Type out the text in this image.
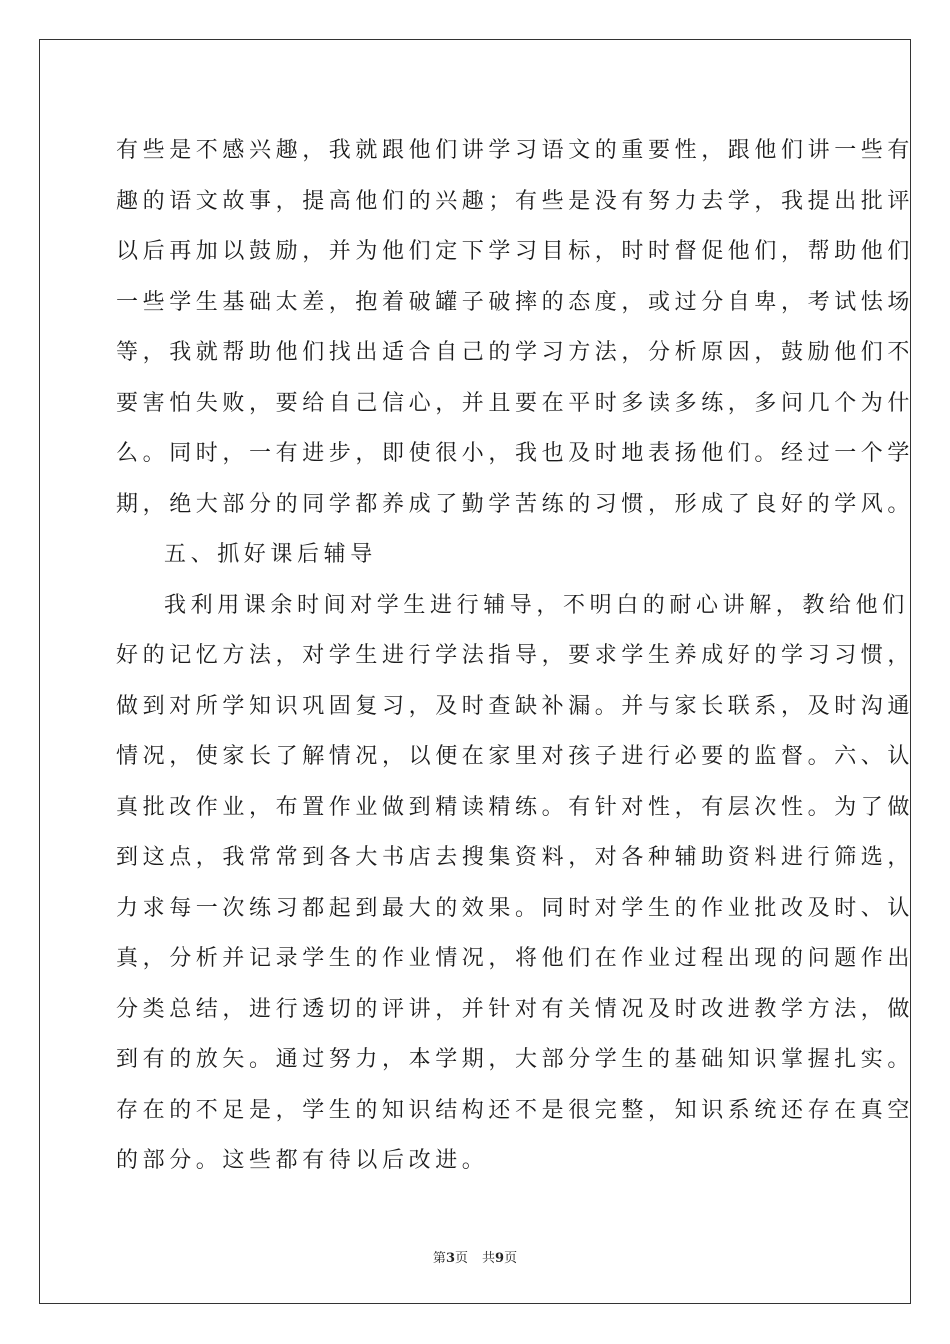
有些是不感兴趣，我就跟他们讲学习语文的重要性，跟他们讲一些有
趣的语文故事，提高他们的兴趣；有些是没有努力去学，我提出批评
以后再加以鼓励，并为他们定下学习目标，时时督促他们，帮助他们
一些学生基础太差，抱着破罐子破摔的态度，或过分自卑，考试怯场
等，我就帮助他们找出适合自己的学习方法，分析原因，鼓励他们不
要害怕失败，要给自己信心，并且要在平时多读多练，多问几个为什
么。同时，一有进步，即使很小，我也及时地表扬他们。经过一个学
期，绝大部分的同学都养成了勤学苦练的习惯，形成了良好的学风。
五、抓好课后辅导
我利用课余时间对学生进行辅导，不明白的耐心讲解，教给他们
好的记忆方法，对学生进行学法指导，要求学生养成好的学习习惯，
做到对所学知识巩固复习，及时查缺补漏。并与家长联系，及时沟通
情况，使家长了解情况，以便在家里对孩子进行必要的监督。六、认
真批改作业，布置作业做到精读精练。有针对性，有层次性。为了做
到这点，我常常到各大书店去搜集资料，对各种辅助资料进行筛选，
力求每一次练习都起到最大的效果。同时对学生的作业批改及时、认
真，分析并记录学生的作业情况，将他们在作业过程出现的问题作出
分类总结，进行透切的评讲，并针对有关情况及时改进教学方法，做
到有的放矢。通过努力，本学期，大部分学生的基础知识掌握扎实。
存在的不足是，学生的知识结构还不是很完整，知识系统还存在真空
的部分。这些都有待以后改进。
第3页 共9页
